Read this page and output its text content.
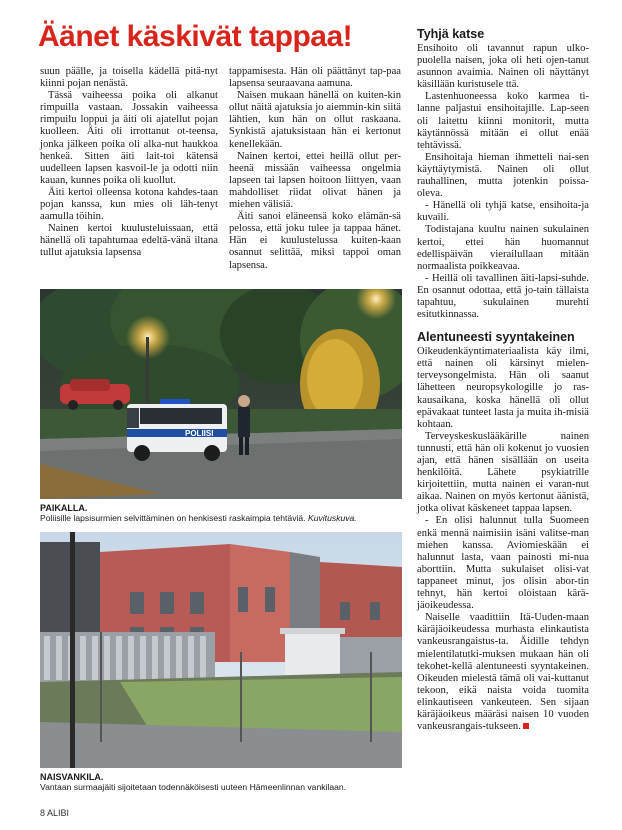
Äänet käskivät tappaa!

suun päälle, ja toisella kädellä pitä-nyt kiinni pojan nenästä.

Tässä vaiheessa poika oli alkanut rimpuilla vastaan. Jossakin vaiheessa rimpuilu loppui ja äiti oli ajatellut pojan kuolleen. Äiti oli irrottanut ot-teensa, jonka jälkeen poika oli alka-nut haukkoa henkeä. Sitten äiti lait-toi kätensä uudelleen lapsen kasvoil-le ja odotti niin kauan, kunnes poika oli kuollut.

Äiti kertoi olleensa kotona kahdes-taan pojan kanssa, kun mies oli läh-tenyt aamulla töihin.

Nainen kertoi kuulusteluissaan, että hänellä oli tapahtumaa edeltä-vänä iltana tullut ajatuksia lapsensa

tappamisesta. Hän oli päättänyt tap-paa lapsensa seuraavana aamuna.

Naisen mukaan hänellä on kuiten-kin ollut näitä ajatuksia jo aiemmin-kin siitä lähtien, kun hän on ollut raskaana. Synkistä ajatuksistaan hän ei kertonut kenellekään.

Nainen kertoi, ettei heillä ollut per-heenä missään vaiheessa ongelmia lapseen tai lapsen hoitoon liittyen, vaan mahdolliset riidat olivat hänen ja miehen välisiä.

Äiti sanoi eläneensä koko elämän-sä pelossa, että joku tulee ja tappaa hänet. Hän ei kuulustelussa kuiten-kaan osannut selittää, miksi tappoi oman lapsensa.

Tyhjä katse

Ensihoito oli tavannut rapun ulko-puolella naisen, joka oli heti ojen-tanut asunnon avaimia. Nainen oli näyttänyt käsillään kuristusele ttä.

Lastenhuoneessa koko karmea ti-lanne paljastui ensihoitajille. Lap-seen oli laitettu kiinni monitorit, mutta käytännössä mitään ei ollut enää tehtävissä.

Ensihoitaja hieman ihmetteli nai-sen käyttäytymistä. Nainen oli ollut rauhallinen, mutta jotenkin poissa-oleva.

- Hänellä oli tyhjä katse, ensihoita-ja kuvaili.

Todistajana kuultu nainen sukulainen kertoi, ettei hän huomannut edellispäivän vierailullaan mitään normaalista poikkeavaa.

- Heillä oli tavallinen äiti-lapsi-suhde. En osannut odottaa, että jo-tain tällaista tapahtuu, sukulainen murehti esitutkinnassa.

Alentuneesti syyntakeinen

Oikeudenkäyntimateriaalista käy ilmi, että nainen oli kärsinyt mielen-terveysongelmista. Hän oli saanut lähetteen neuropsykologille jo ras-kausaikana, koska hänellä oli ollut epävakaat tunteet lasta ja muita ih-misiä kohtaan.

Terveyskeskuslääkärille nainen tunnusti, että hän oli kokenut jo vuosien ajan, että hänen sisällään on useita henkilöitä. Lähete psykiatrille kirjoitettiin, mutta nainen ei varan-nut aikaa. Nainen on myös kertonut äänistä, jotka olivat käskeneet tappaa lapsen.

- En olisi halunnut tulla Suomeen enkä mennä naimisiin isäni valitse-man miehen kanssa. Aviomieskään ei halunnut lasta, vaan painosti mi-nua aborttiin. Mutta sukulaiset olisi-vat tappaneet minut, jos olisin abor-tin tehnyt, hän kertoi oloistaan kärä-jäoikeudessa.

Naiselle vaadittiin Itä-Uuden-maan käräjäoikeudessa murhasta elinkautista vankeusrangaistus-ta. Äidille tehdyn mielentilatutki-muksen mukaan hän oli tekohet-kellä alentuneesti syyntakeinen. Oikeuden mielestä tämä oli vai-kuttanut tekoon, eikä naista voida tuomita elinkautiseen vankeuteen. Sen sijaan käräjäoikeus määräsi naisen 10 vuoden vankeusrangais-tukseen.

POLIISI
PAIKALLA.
Poliisille lapsisurmien selvittäminen on henkisesti raskaimpia tehtäviä. Kuvituskuva.
NAISVANKILA.
Vantaan surmaajäiti sijoitetaan todennäköisesti uuteen Hämeenlinnan vankilaan.
8 ALIBI
